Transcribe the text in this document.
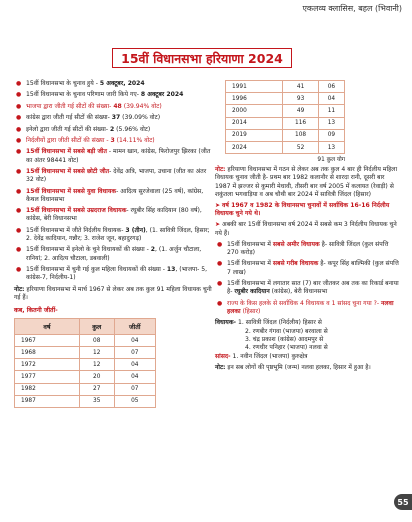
एकलव्य क्लासिस, बहल (भिवानी)
15वीं विधानसभा हरियाणा 2024
● 15वीं विधानसभा के चुनाव हुये - 5 अक्टूबर, 2024
● 15वीं विधानसभा के चुनाव परिणाम जारी किये गए- 8 अक्टूबर 2024
● भाजपा द्वारा जीती गई सीटों की संख्या- 48 (39.94% वोट)
● कांग्रेस द्वारा जीती गई सीटों की संख्या- 37 (39.09% वोट)
● इनेलो द्वारा जीती गई सीटों की संख्या- 2 (5.96% वोट)
● निर्दलीयों द्वारा जीती सीटों की संख्या - 3 (14.11% वोट)
● 15वीं विधानसभा में सबसे बड़ी जीत - मामन खान, कांग्रेस, फिरोजपुर झिरका (जीत का अंतर 98441 वोट)
● 15वीं विधानसभा में सबसे छोटी जीत- देवेंद्र अत्रि, भाजपा, उचाना (जीत का अंतर 32 वोट)
● 15वीं विधानसभा में सबसे युवा विधायक- आदित्य सुरजेवाला (25 वर्ष), कांग्रेस, कैथल विधानसभा
● 15वीं विधानसभा में सबसे उम्रदराज विधायक- रघुबीर सिंह कादियान (80 वर्ष), कांग्रेस, बेरी विधानसभा
● 15वीं विधानसभा में जीते निर्दलीय विधायक- 3 (तीन), (1. सावित्री जिंदल, हिसार; 2. देवेंद्र कादियान, गन्नौर; 3. राजेश जून, बहादुरगढ़)
● 15वीं विधानसभा में इनेलो के चुने विधायकों की संख्या - 2, (1. अर्जुन चौटाला, रानियां; 2. आदित्य चौटाला, डबवाली)
● 15वीं विधानसभा में चुनी गई कुल महिला विधायकों की संख्या - 13, (भाजपा- 5, कांग्रेस-7, निर्दलीय-1)
नोट: हरियाणा विधानसभा में मार्च 1967 से लेकर अब तक कुल 91 महिला विधायक चुनी गई हैं।
कब, कितनी जीतीं-
वर्ष	कुल	जीतीं
1967	08	04
1968	12	07
1972	12	04
1977	20	04
1982	27	07
1987	35	05
1991	41	06
1996	93	04
2000	49	11
2014	116	13
2019	108	09
2024	52	13
91 कुल योग
नोट: हरियाणा विधानसभा में गठन से लेकर अब तक कुल 4 बार ही निर्दलीय महिला विधायक चुनाव जीती है- प्रथम बार 1982 कलानौर से शारदा रानी, दूसरी बार 1987 में झज्जर से कुमारी मेधावी, तीसरी बार वर्ष 2005 में कलायत (रेवाड़ी) से शकुंतला भगवाड़िया व अब चौथी बार 2024 में सावित्री जिंदल (हिसार)
➤ वर्ष 1967 व 1982 के विधानसभा चुनावों में सर्वाधिक 16-16 निर्दलीय विधायक चुने गये थे।
➤ अबकी बार 15वीं विधानसभा वर्ष 2024 में सबसे कम 3 निर्दलीय विधायक चुने गये हैं।
● 15वीं विधानसभा में सबसे अमीर विधायक है- सावित्री जिंदल (कुल संपत्ति 270 करोड़)
● 15वीं विधानसभा में सबसे गरीब विधायक है- कपूर सिंह बाल्मिकी (कुल संपत्ति 7 लाख)
● 15वीं विधानसभा में लगातार सात (7) बार जीतकर अब तक का रिकार्ड बनाया है- रघुबीर कादियान (कांग्रेस), बेरी विधानसभा
● राज्य के किस हलके से सर्वाधिक 4 विधायक व 1 सांसद चुना गया ?- नलवा हलका (हिसार)
विधायक- 1. सावित्री जिंदल (निर्दलीय) हिसार से
2. रणबीर गंगवा (भाजपा) बरवाला से
3. चंद्र प्रकाश (कांग्रेस) आदमपुर से
4. रणधीर पनिहार (भाजपा) नलवा से
सांसद- 1. नवीन जिंदल (भाजपा) कुरुक्षेत्र
नोट: इन सब लोगों की पृष्ठभूमि (जन्म) नलवा हलका, हिसार में हुआ है।
55
